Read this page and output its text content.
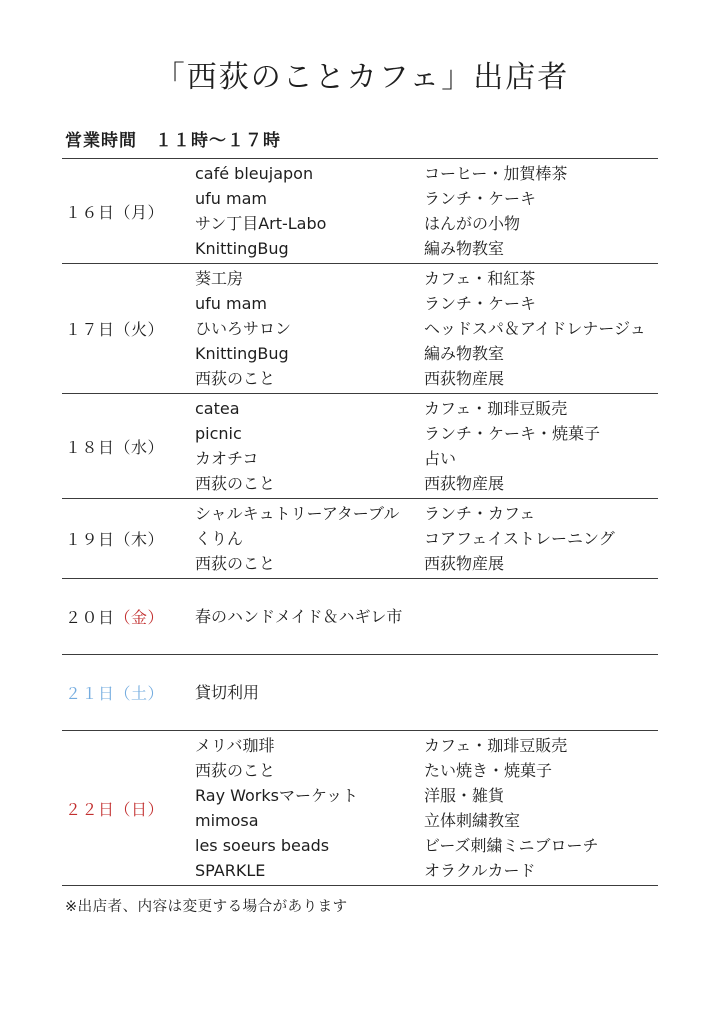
「西荻のことカフェ」出店者
営業時間　１１時～１７時
１６日（月）
café bleujapon	コーヒー・加賀棒茶
ufu mam	ランチ・ケーキ
サン丁目Art-Labo	はんがの小物
KnittingBug	編み物教室
１７日（火）
葵工房	カフェ・和紅茶
ufu mam	ランチ・ケーキ
ひいろサロン	ヘッドスパ＆アイドレナージュ
KnittingBug	編み物教室
西荻のこと	西荻物産展
１８日（水）
catea	カフェ・珈琲豆販売
picnic	ランチ・ケーキ・焼菓子
カオチコ	占い
西荻のこと	西荻物産展
１９日（木）
シャルキュトリーアターブル	ランチ・カフェ
くりん	コアフェイストレーニング
西荻のこと	西荻物産展
２０日 （金） 春のハンドメイド＆ハギレ市
２１日（土） 貸切利用
２２日（日）
メリバ珈琲	カフェ・珈琲豆販売
西荻のこと	たい焼き・焼菓子
Ray Worksマーケット	洋服・雑貨
mimosa	立体刺繍教室
les soeurs beads	ビーズ刺繍ミニブローチ
SPARKLE	オラクルカード
※出店者、内容は変更する場合があります
